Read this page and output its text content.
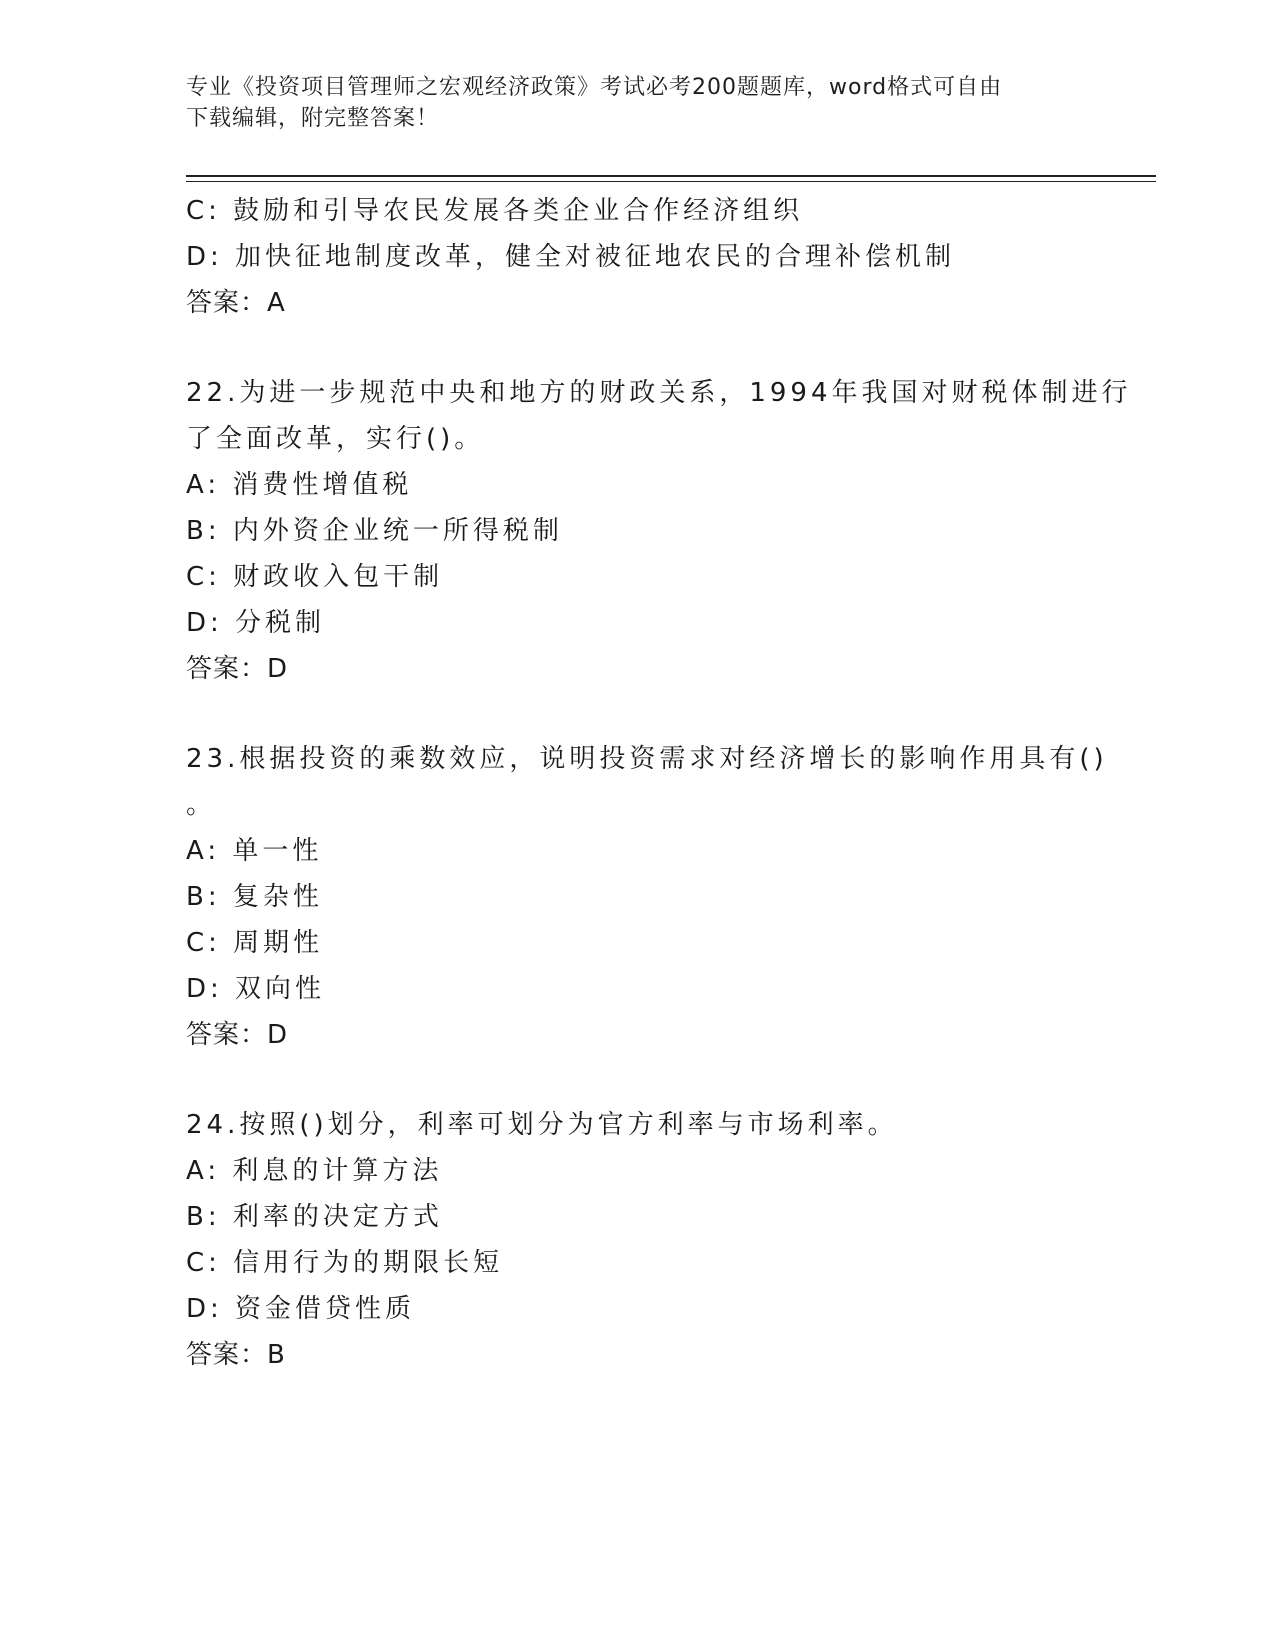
专业《投资项目管理师之宏观经济政策》考试必考200题题库，word格式可自由
下载编辑，附完整答案！
C: 鼓励和引导农民发展各类企业合作经济组织
D: 加快征地制度改革，健全对被征地农民的合理补偿机制
答案：A
22.为进一步规范中央和地方的财政关系，1994年我国对财税体制进行
了全面改革，实行()。
A: 消费性增值税
B: 内外资企业统一所得税制
C: 财政收入包干制
D: 分税制
答案：D
23.根据投资的乘数效应，说明投资需求对经济增长的影响作用具有()
。
A: 单一性
B: 复杂性
C: 周期性
D: 双向性
答案：D
24.按照()划分，利率可划分为官方利率与市场利率。
A: 利息的计算方法
B: 利率的决定方式
C: 信用行为的期限长短
D: 资金借贷性质
答案：B
